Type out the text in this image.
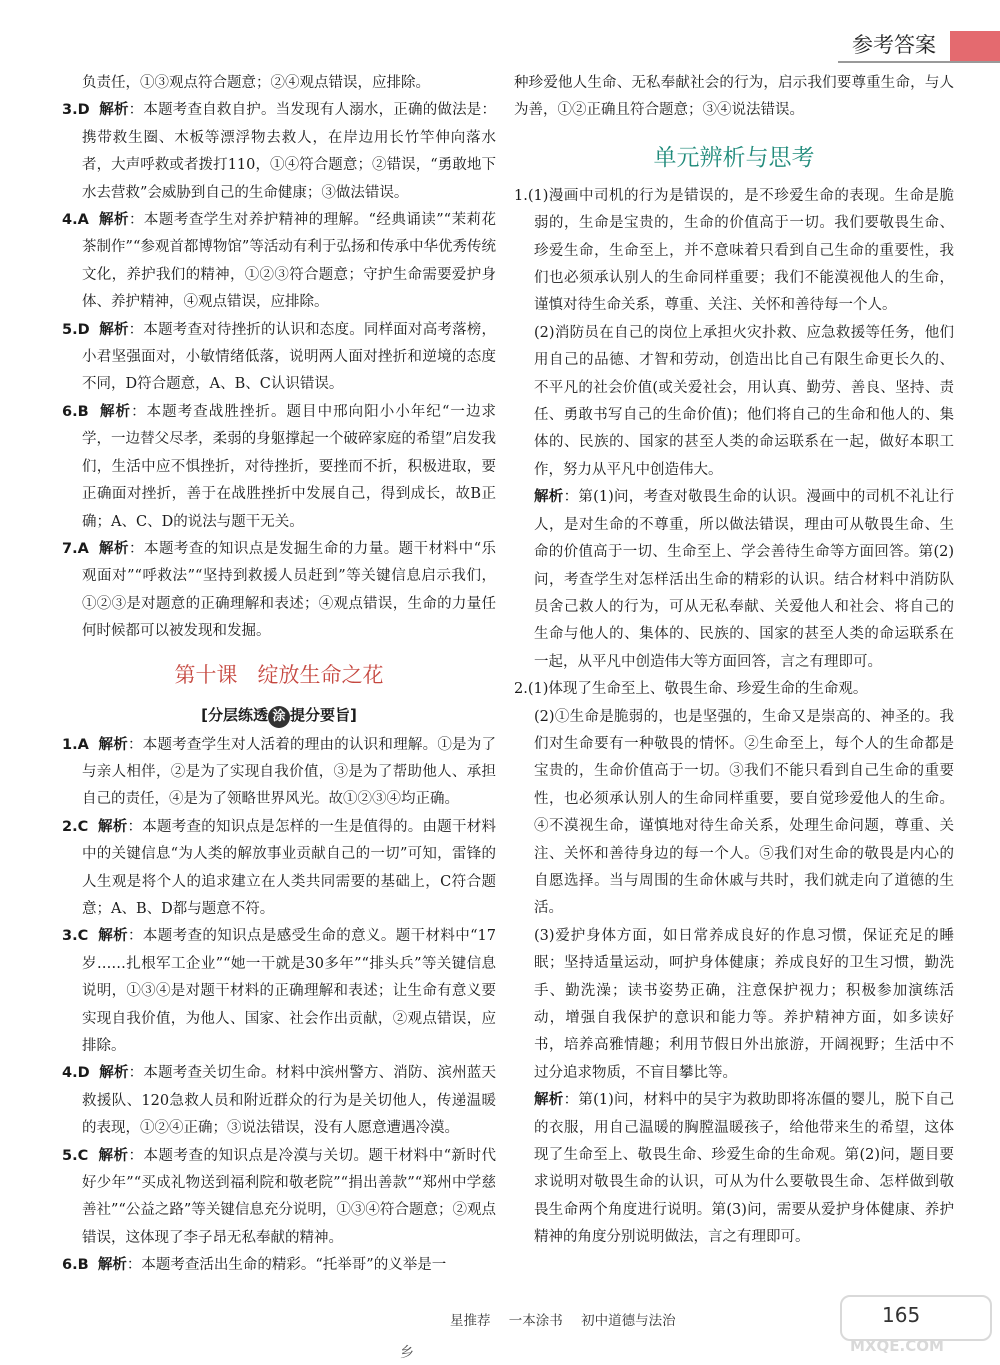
参考答案

负责任，①③观点符合题意；②④观点错误，应排除。

3.D 解析：本题考查自救自护。当发现有人溺水，正确的做法是：携带救生圈、木板等漂浮物去救人，在岸边用长竹竿伸向落水者，大声呼救或者拨打110，①④符合题意；②错误，“勇敢地下水去营救”会威胁到自己的生命健康；③做法错误。

4.A 解析：本题考查学生对养护精神的理解。“经典诵读”“茉莉花茶制作”“参观首都博物馆”等活动有利于弘扬和传承中华优秀传统文化，养护我们的精神，①②③符合题意；守护生命需要爱护身体、养护精神，④观点错误，应排除。

5.D 解析：本题考查对待挫折的认识和态度。同样面对高考落榜，小君坚强面对，小敏情绪低落，说明两人面对挫折和逆境的态度不同，D符合题意，A、B、C认识错误。

6.B 解析：本题考查战胜挫折。题目中邢向阳小小年纪“一边求学，一边替父尽孝，柔弱的身躯撑起一个破碎家庭的希望”启发我们，生活中应不惧挫折，对待挫折，要挫而不折，积极进取，要正确面对挫折，善于在战胜挫折中发展自己，得到成长，故B正确；A、C、D的说法与题干无关。

7.A 解析：本题考查的知识点是发掘生命的力量。题干材料中“乐观面对”“呼救法”“坚持到救援人员赶到”等关键信息启示我们，①②③是对题意的正确理解和表述；④观点错误，生命的力量任何时候都可以被发现和发掘。

第十课 绽放生命之花
[分层练透 涂 提分要旨]

1.A 解析：本题考查学生对人活着的理由的认识和理解。①是为了与亲人相伴，②是为了实现自我价值，③是为了帮助他人、承担自己的责任，④是为了领略世界风光。故①②③④均正确。

2.C 解析：本题考查的知识点是怎样的一生是值得的。由题干材料中的关键信息“为人类的解放事业贡献自己的一切”可知，雷锋的人生观是将个人的追求建立在人类共同需要的基础上，C符合题意；A、B、D都与题意不符。

3.C 解析：本题考查的知识点是感受生命的意义。题干材料中“17岁……扎根军工企业”“她一干就是30多年”“排头兵”等关键信息说明，①③④是对题干材料的正确理解和表述；让生命有意义要实现自我价值，为他人、国家、社会作出贡献，②观点错误，应排除。

4.D 解析：本题考查关切生命。材料中滨州警方、消防、滨州蓝天救援队、120急救人员和附近群众的行为是关切他人，传递温暖的表现，①②④正确；③说法错误，没有人愿意遭遇冷漠。

5.C 解析：本题考查的知识点是冷漠与关切。题干材料中“新时代好少年”“买成礼物送到福利院和敬老院”“捐出善款”“郑州中学慈善社”“公益之路”等关键信息充分说明，①③④符合题意；②观点错误，这体现了李子昂无私奉献的精神。

6.B 解析：本题考查活出生命的精彩。“托举哥”的义举是一

种珍爱他人生命、无私奉献社会的行为，启示我们要尊重生命，与人为善，①②正确且符合题意；③④说法错误。

单元辨析与思考

1.(1)漫画中司机的行为是错误的，是不珍爱生命的表现。生命是脆弱的，生命是宝贵的，生命的价值高于一切。我们要敬畏生命、珍爱生命，生命至上，并不意味着只看到自己生命的重要性，我们也必须承认别人的生命同样重要；我们不能漠视他人的生命，谨慎对待生命关系，尊重、关注、关怀和善待每一个人。

(2)消防员在自己的岗位上承担火灾扑救、应急救援等任务，他们用自己的品德、才智和劳动，创造出比自己有限生命更长久的、不平凡的社会价值(或关爱社会，用认真、勤劳、善良、坚持、责任、勇敢书写自己的生命价值)；他们将自己的生命和他人的、集体的、民族的、国家的甚至人类的命运联系在一起，做好本职工作，努力从平凡中创造伟大。

解析：第(1)问，考查对敬畏生命的认识。漫画中的司机不礼让行人，是对生命的不尊重，所以做法错误，理由可从敬畏生命、生命的价值高于一切、生命至上、学会善待生命等方面回答。第(2)问，考查学生对怎样活出生命的精彩的认识。结合材料中消防队员舍己救人的行为，可从无私奉献、关爱他人和社会、将自己的生命与他人的、集体的、民族的、国家的甚至人类的命运联系在一起，从平凡中创造伟大等方面回答，言之有理即可。

2.(1)体现了生命至上、敬畏生命、珍爱生命的生命观。

(2)①生命是脆弱的，也是坚强的，生命又是崇高的、神圣的。我们对生命要有一种敬畏的情怀。②生命至上，每个人的生命都是宝贵的，生命价值高于一切。③我们不能只看到自己生命的重要性，也必须承认别人的生命同样重要，要自觉珍爱他人的生命。④不漠视生命，谨慎地对待生命关系，处理生命问题，尊重、关注、关怀和善待身边的每一个人。⑤我们对生命的敬畏是内心的自愿选择。当与周围的生命休戚与共时，我们就走向了道德的生活。

(3)爱护身体方面，如日常养成良好的作息习惯，保证充足的睡眠；坚持适量运动，呵护身体健康；养成良好的卫生习惯，勤洗手、勤洗澡；读书姿势正确，注意保护视力；积极参加演练活动，增强自我保护的意识和能力等。养护精神方面，如多读好书，培养高雅情趣；利用节假日外出旅游，开阔视野；生活中不过分追求物质，不盲目攀比等。

解析：第(1)问，材料中的吴宇为救助即将冻僵的婴儿，脱下自己的衣服，用自己温暖的胸膛温暖孩子，给他带来生的希望，这体现了生命至上、敬畏生命、珍爱生命的生命观。第(2)问，题目要求说明对敬畏生命的认识，可从为什么要敬畏生命、怎样做到敬畏生命两个角度进行说明。第(3)问，需要从爱护身体健康、养护精神的角度分别说明做法，言之有理即可。

星推荐 一本涂书 初中道德与法治	165
乡	MXQE.COM
